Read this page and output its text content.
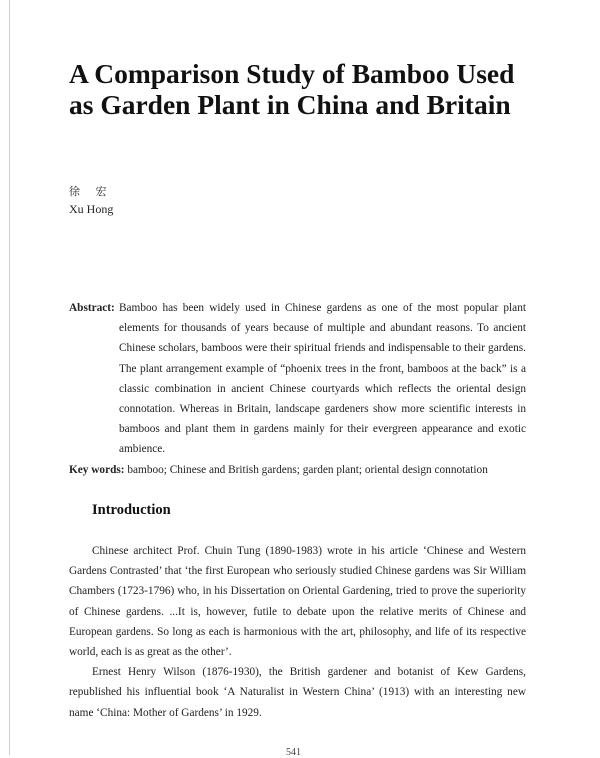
A Comparison Study of Bamboo Used as Garden Plant in China and Britain
徐 宏
Xu Hong
Abstract: Bamboo has been widely used in Chinese gardens as one of the most popular plant elements for thousands of years because of multiple and abundant reasons. To ancient Chinese scholars, bamboos were their spiritual friends and indispensable to their gardens. The plant arrangement example of “phoenix trees in the front, bamboos at the back” is a classic combination in ancient Chinese courtyards which reflects the oriental design connotation. Whereas in Britain, landscape gardeners show more scientific interests in bamboos and plant them in gardens mainly for their evergreen appearance and exotic ambience.
Key words: bamboo; Chinese and British gardens; garden plant; oriental design connotation
Introduction

Chinese architect Prof. Chuin Tung (1890-1983) wrote in his article ‘Chinese and Western Gardens Contrasted’ that ‘the first European who seriously studied Chinese gardens was Sir William Chambers (1723-1796) who, in his Dissertation on Oriental Gardening, tried to prove the superiority of Chinese gardens. ...It is, however, futile to debate upon the relative merits of Chinese and European gardens. So long as each is harmonious with the art, philosophy, and life of its respective world, each is as great as the other’.

Ernest Henry Wilson (1876-1930), the British gardener and botanist of Kew Gardens, republished his influential book ‘A Naturalist in Western China’ (1913) with an interesting new name ‘China: Mother of Gardens’ in 1929.

541
